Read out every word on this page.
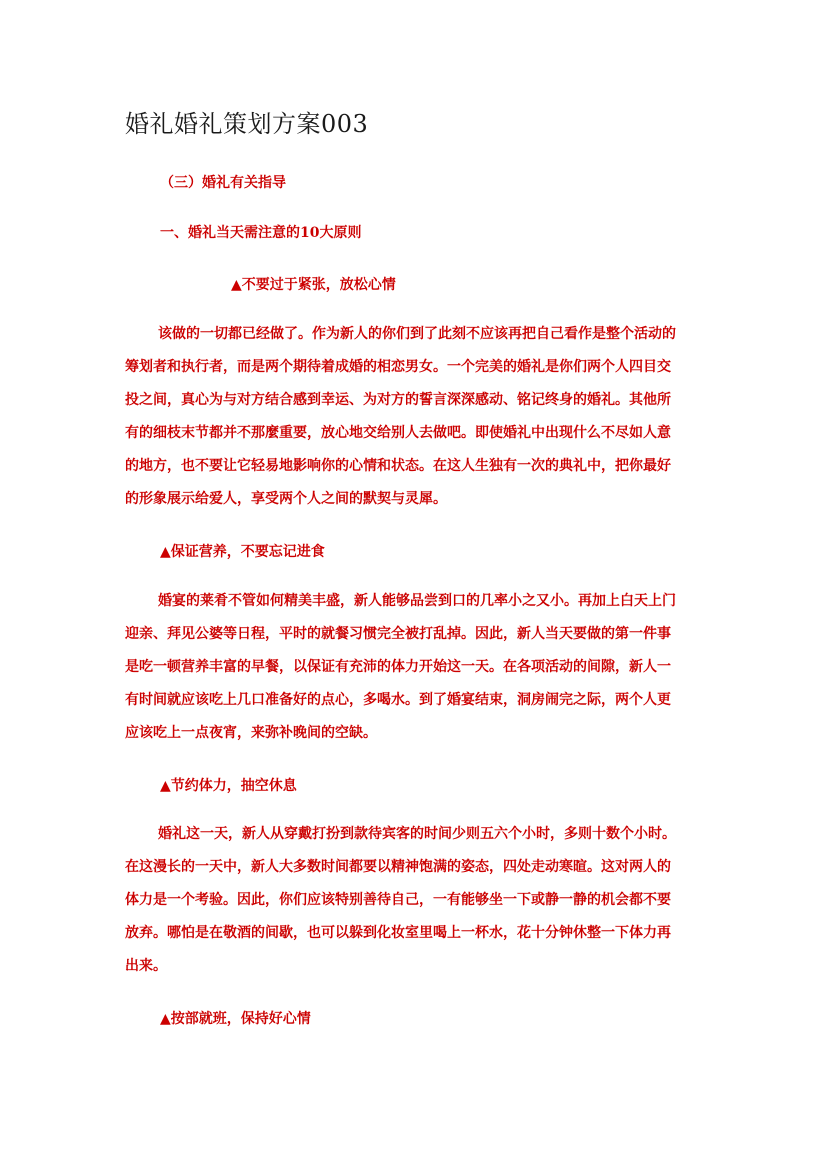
婚礼婚礼策划方案003
（三）婚礼有关指导
一、婚礼当天需注意的10大原则
▲不要过于紧张，放松心情
该做的一切都已经做了。作为新人的你们到了此刻不应该再把自己看作是整个活动的
筹划者和执行者，而是两个期待着成婚的相恋男女。一个完美的婚礼是你们两个人四目交
投之间，真心为与对方结合感到幸运、为对方的誓言深深感动、铭记终身的婚礼。其他所
有的细枝末节都并不那麼重要，放心地交给别人去做吧。即使婚礼中出现什么不尽如人意
的地方，也不要让它轻易地影响你的心情和状态。在这人生独有一次的典礼中，把你最好
的形象展示给爱人，享受两个人之间的默契与灵犀。
▲保证营养，不要忘记进食
婚宴的莱肴不管如何精美丰盛，新人能够品尝到口的几率小之又小。再加上白天上门
迎亲、拜见公婆等日程，平时的就餐习惯完全被打乱掉。因此，新人当天要做的第一件事
是吃一顿营养丰富的早餐，以保证有充沛的体力开始这一天。在各项活动的间隙，新人一
有时间就应该吃上几口准备好的点心，多喝水。到了婚宴结束，洞房闹完之际，两个人更
应该吃上一点夜宵，来弥补晚间的空缺。
▲节约体力，抽空休息
婚礼这一天，新人从穿戴打扮到款待宾客的时间少则五六个小时，多则十数个小时。
在这漫长的一天中，新人大多数时间都要以精神饱满的姿态，四处走动寒暄。这对两人的
体力是一个考验。因此，你们应该特别善待自己，一有能够坐一下或静一静的机会都不要
放弃。哪怕是在敬酒的间歇，也可以躲到化妆室里喝上一杯水，花十分钟休整一下体力再
出来。
▲按部就班，保持好心情
